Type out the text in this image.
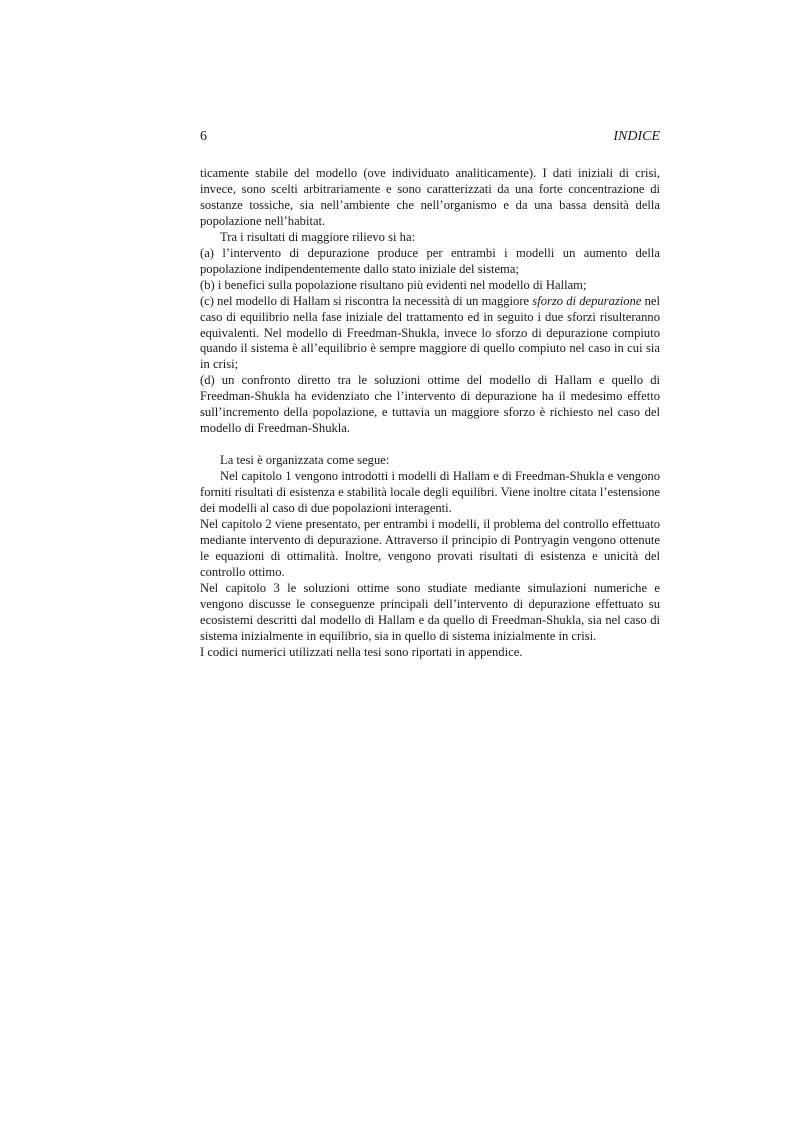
6	INDICE

ticamente stabile del modello (ove individuato analiticamente). I dati iniziali di crisi, invece, sono scelti arbitrariamente e sono caratterizzati da una forte concentrazione di sostanze tossiche, sia nell’ambiente che nell’organismo e da una bassa densità della popolazione nell’habitat.

Tra i risultati di maggiore rilievo si ha:

(a) l’intervento di depurazione produce per entrambi i modelli un aumento della popolazione indipendentemente dallo stato iniziale del sistema;

(b) i benefici sulla popolazione risultano più evidenti nel modello di Hallam;

(c) nel modello di Hallam si riscontra la necessità di un maggiore sforzo di depurazione nel caso di equilibrio nella fase iniziale del trattamento ed in seguito i due sforzi risulteranno equivalenti. Nel modello di Freedman-Shukla, invece lo sforzo di depurazione compiuto quando il sistema è all’equilibrio è sempre maggiore di quello compiuto nel caso in cui sia in crisi;

(d) un confronto diretto tra le soluzioni ottime del modello di Hallam e quello di Freedman-Shukla ha evidenziato che l’intervento di depurazione ha il medesimo effetto sull’incremento della popolazione, e tuttavia un maggiore sforzo è richiesto nel caso del modello di Freedman-Shukla.

La tesi è organizzata come segue:

Nel capitolo 1 vengono introdotti i modelli di Hallam e di Freedman-Shukla e vengono forniti risultati di esistenza e stabilità locale degli equilibri. Viene inoltre citata l’estensione dei modelli al caso di due popolazioni interagenti.

Nel capitolo 2 viene presentato, per entrambi i modelli, il problema del controllo effettuato mediante intervento di depurazione. Attraverso il principio di Pontryagin vengono ottenute le equazioni di ottimalità. Inoltre, vengono provati risultati di esistenza e unicità del controllo ottimo.

Nel capitolo 3 le soluzioni ottime sono studiate mediante simulazioni numeriche e vengono discusse le conseguenze principali dell’intervento di depurazione effettuato su ecosistemi descritti dal modello di Hallam e da quello di Freedman-Shukla, sia nel caso di sistema inizialmente in equilibrio, sia in quello di sistema inizialmente in crisi.

I codici numerici utilizzati nella tesi sono riportati in appendice.
